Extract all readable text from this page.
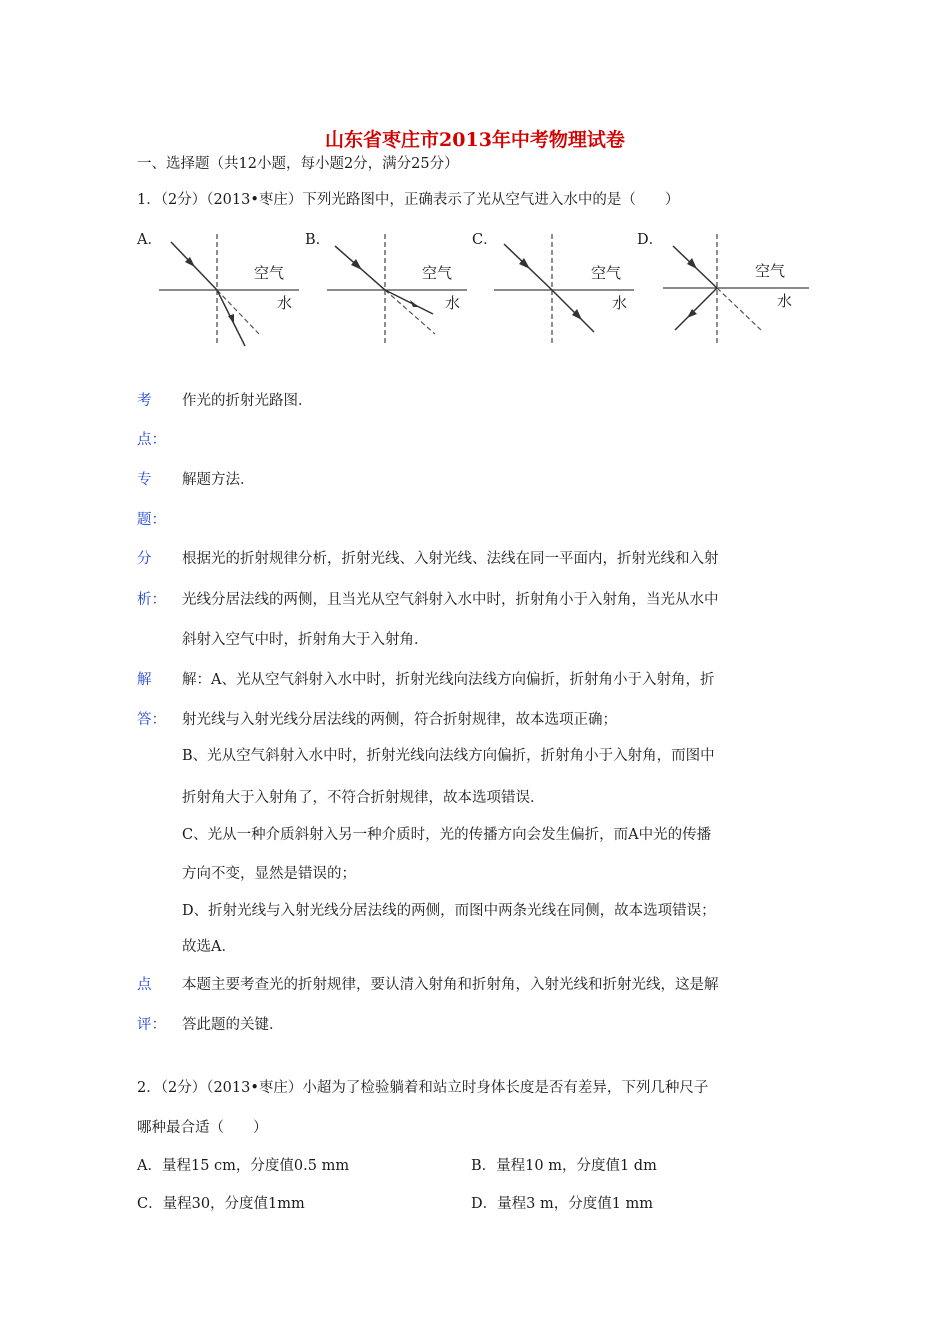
山东省枣庄市2013年中考物理试卷
一、选择题（共12小题，每小题2分，满分25分）
1．（2分）（2013•枣庄）下列光路图中，正确表示了光从空气进入水中的是（　　）
A．
空气
水
B．
空气
水
C．
空气
水
D．
空气
水
考
点：
作光的折射光路图．
专
题：
解题方法．
分
析：
根据光的折射规律分析，折射光线、入射光线、法线在同一平面内，折射光线和入射
光线分居法线的两侧，且当光从空气斜射入水中时，折射角小于入射角，当光从水中
斜射入空气中时，折射角大于入射角．
解
答：
解：A、光从空气斜射入水中时，折射光线向法线方向偏折，折射角小于入射角，折
射光线与入射光线分居法线的两侧，符合折射规律，故本选项正确；
B、光从空气斜射入水中时，折射光线向法线方向偏折，折射角小于入射角，而图中
折射角大于入射角了，不符合折射规律，故本选项错误．
C、光从一种介质斜射入另一种介质时，光的传播方向会发生偏折，而A中光的传播
方向不变，显然是错误的；
D、折射光线与入射光线分居法线的两侧，而图中两条光线在同侧，故本选项错误；
故选A．
点
评：
本题主要考查光的折射规律，要认清入射角和折射角，入射光线和折射光线，这是解
答此题的关键．
2．（2分）（2013•枣庄）小超为了检验躺着和站立时身体长度是否有差异，下列几种尺子
哪种最合适（　　）
A．量程15 cm，分度值0.5 mm	B．量程10 m，分度值1 dm
C．量程30，分度值1mm	D．量程3 m，分度值1 mm
